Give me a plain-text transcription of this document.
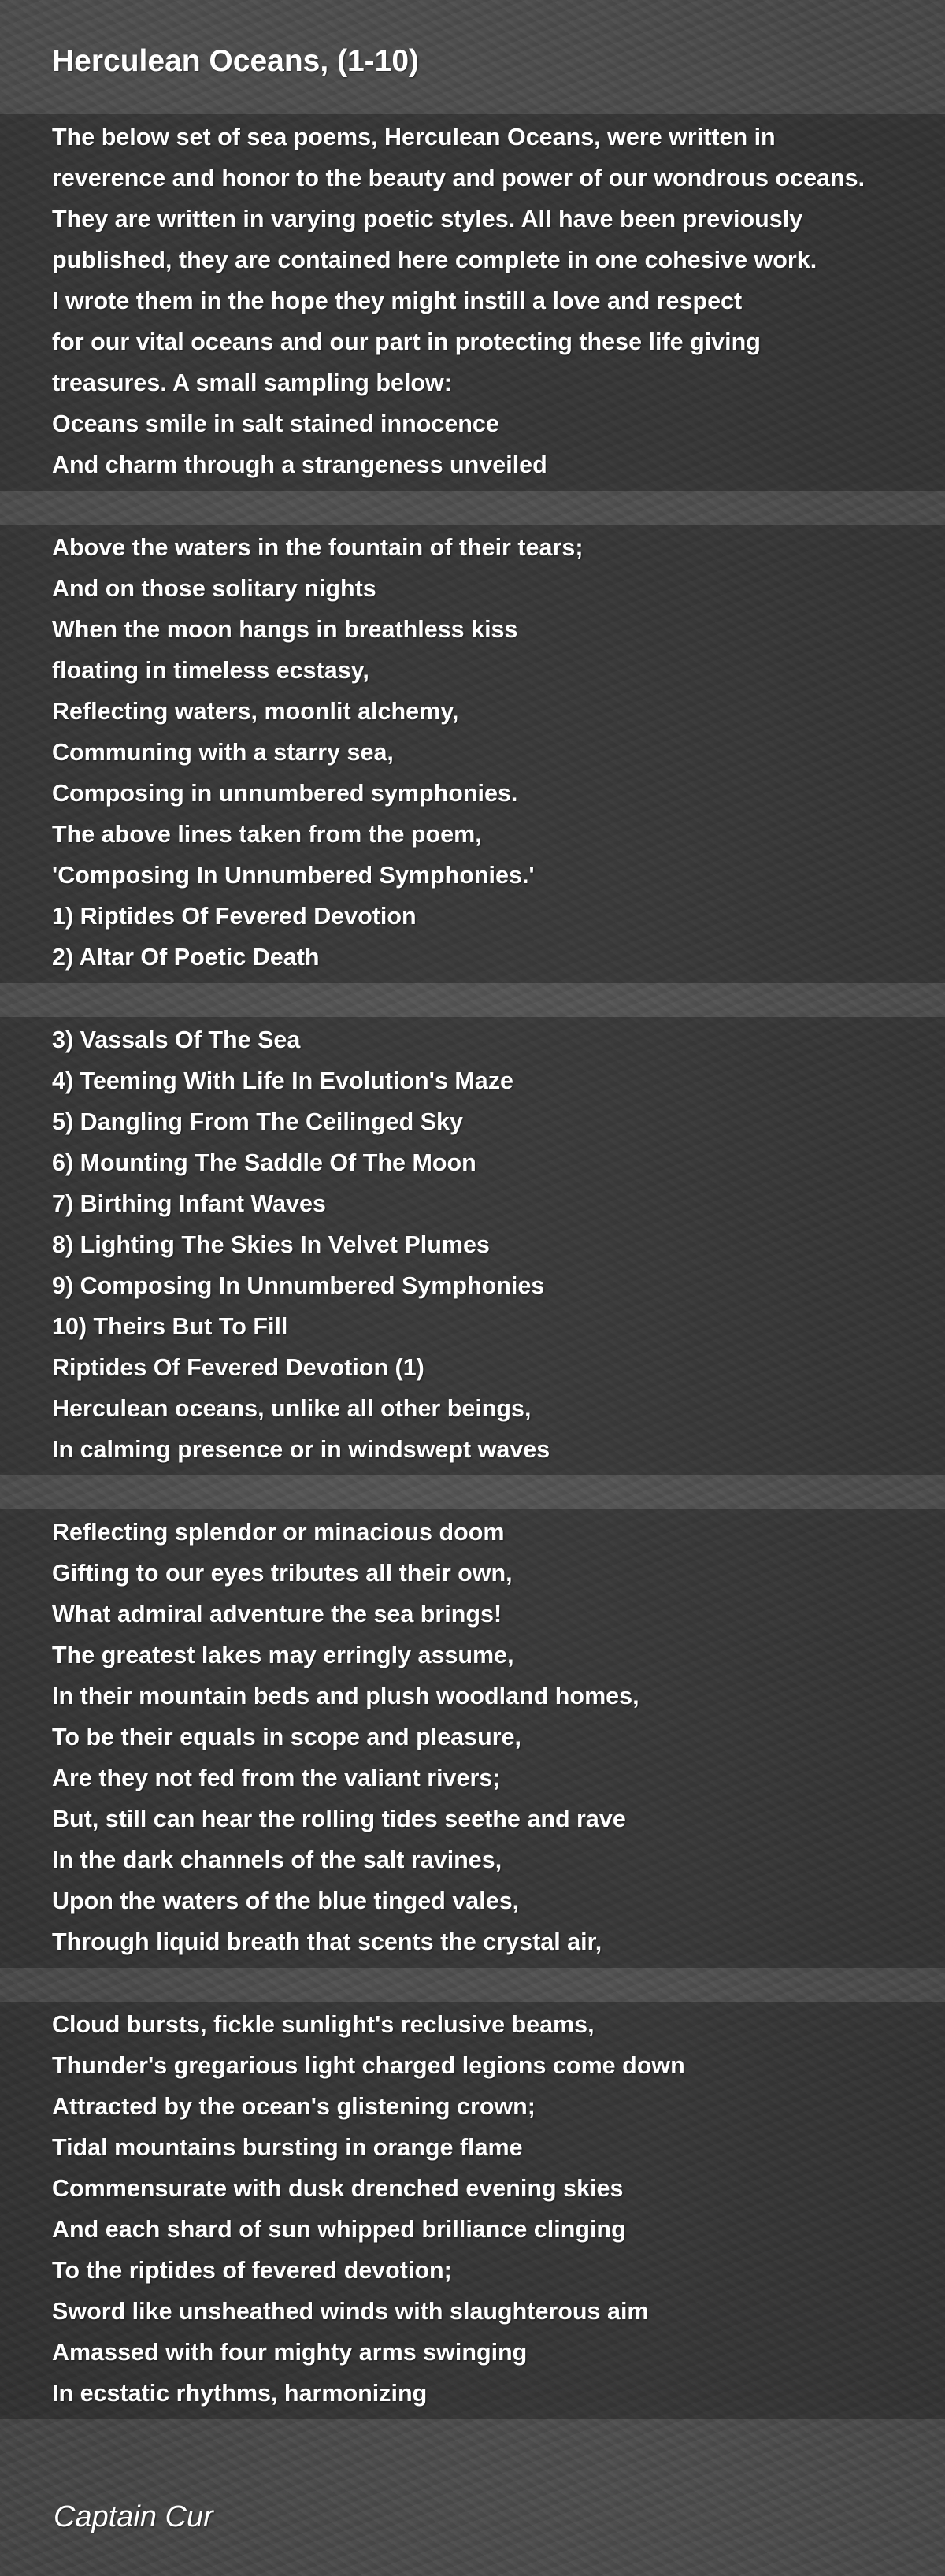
Herculean Oceans, (1-10)
The below set of sea poems, Herculean Oceans, were written in
reverence and honor to the beauty and power of our wondrous oceans.
They are written in varying poetic styles. All have been previously
published, they are contained here complete in one cohesive work.
I wrote them in the hope they might instill a love and respect
for our vital oceans and our part in protecting these life giving
treasures. A small sampling below:
Oceans smile in salt stained innocence
And charm through a strangeness unveiled
Above the waters in the fountain of their tears;
And on those solitary nights
When the moon hangs in breathless kiss
floating in timeless ecstasy,
Reflecting waters, moonlit alchemy,
Communing with a starry sea,
Composing in unnumbered symphonies.
The above lines taken from the poem,
'Composing In Unnumbered Symphonies.'
1) Riptides Of Fevered Devotion
2) Altar Of Poetic Death
3) Vassals Of The Sea
4) Teeming With Life In Evolution's Maze
5) Dangling From The Ceilinged Sky
6) Mounting The Saddle Of The Moon
7) Birthing Infant Waves
8) Lighting The Skies In Velvet Plumes
9) Composing In Unnumbered Symphonies
10) Theirs But To Fill
Riptides Of Fevered Devotion (1)
Herculean oceans, unlike all other beings,
In calming presence or in windswept waves
Reflecting splendor or minacious doom
Gifting to our eyes tributes all their own,
What admiral adventure the sea brings!
The greatest lakes may erringly assume,
In their mountain beds and plush woodland homes,
To be their equals in scope and pleasure,
Are they not fed from the valiant rivers;
But, still can hear the rolling tides seethe and rave
In the dark channels of the salt ravines,
Upon the waters of the blue tinged vales,
Through liquid breath that scents the crystal air,
Cloud bursts, fickle sunlight's reclusive beams,
Thunder's gregarious light charged legions come down
Attracted by the ocean's glistening crown;
Tidal mountains bursting in orange flame
Commensurate with dusk drenched evening skies
And each shard of sun whipped brilliance clinging
To the riptides of fevered devotion;
Sword like unsheathed winds with slaughterous aim
Amassed with four mighty arms swinging
In ecstatic rhythms, harmonizing

Captain Cur
